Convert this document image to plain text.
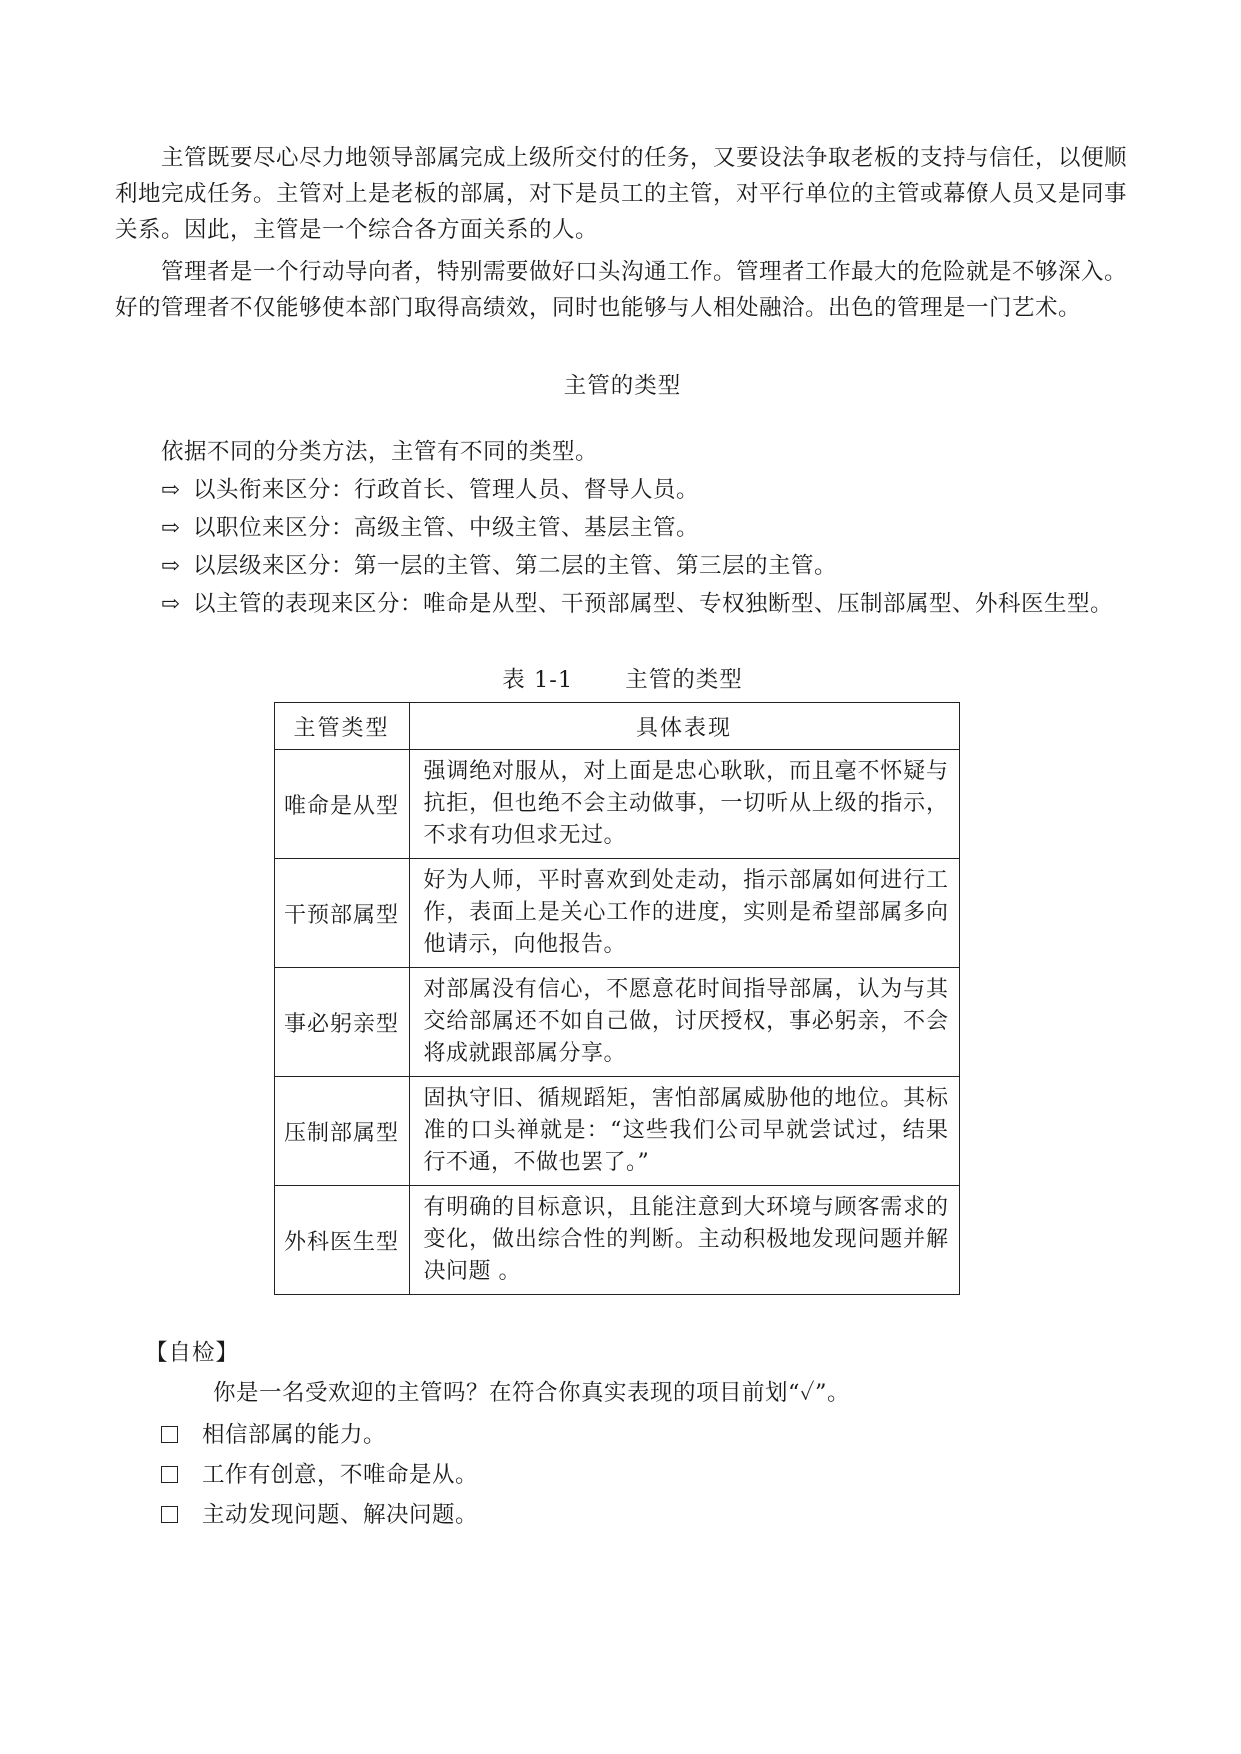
主管既要尽心尽力地领导部属完成上级所交付的任务，又要设法争取老板的支持与信任，以便顺利地完成任务。主管对上是老板的部属，对下是员工的主管，对平行单位的主管或幕僚人员又是同事关系。因此，主管是一个综合各方面关系的人。

管理者是一个行动导向者，特别需要做好口头沟通工作。管理者工作最大的危险就是不够深入。好的管理者不仅能够使本部门取得高绩效，同时也能够与人相处融洽。出色的管理是一门艺术。

主管的类型

依据不同的分类方法，主管有不同的类型。

⇨ 以头衔来区分：行政首长、管理人员、督导人员。

⇨ 以职位来区分：高级主管、中级主管、基层主管。

⇨ 以层级来区分：第一层的主管、第二层的主管、第三层的主管。

⇨ 以主管的表现来区分：唯命是从型、干预部属型、专权独断型、压制部属型、外科医生型。

表 1-1 主管的类型
主管类型	具体表现
唯命是从型	强调绝对服从，对上面是忠心耿耿，而且毫不怀疑与抗拒，但也绝不会主动做事，一切听从上级的指示，不求有功但求无过。
干预部属型	好为人师，平时喜欢到处走动，指示部属如何进行工作，表面上是关心工作的进度，实则是希望部属多向他请示，向他报告。
事必躬亲型	对部属没有信心，不愿意花时间指导部属，认为与其交给部属还不如自己做，讨厌授权，事必躬亲，不会将成就跟部属分享。
压制部属型	固执守旧、循规蹈矩，害怕部属威胁他的地位。其标准的口头禅就是：“这些我们公司早就尝试过，结果行不通，不做也罢了。”
外科医生型	有明确的目标意识，且能注意到大环境与顾客需求的变化，做出综合性的判断。主动积极地发现问题并解决问题 。
【自检】
你是一名受欢迎的主管吗？在符合你真实表现的项目前划“✓”。
相信部属的能力。
工作有创意，不唯命是从。
主动发现问题、解决问题。
